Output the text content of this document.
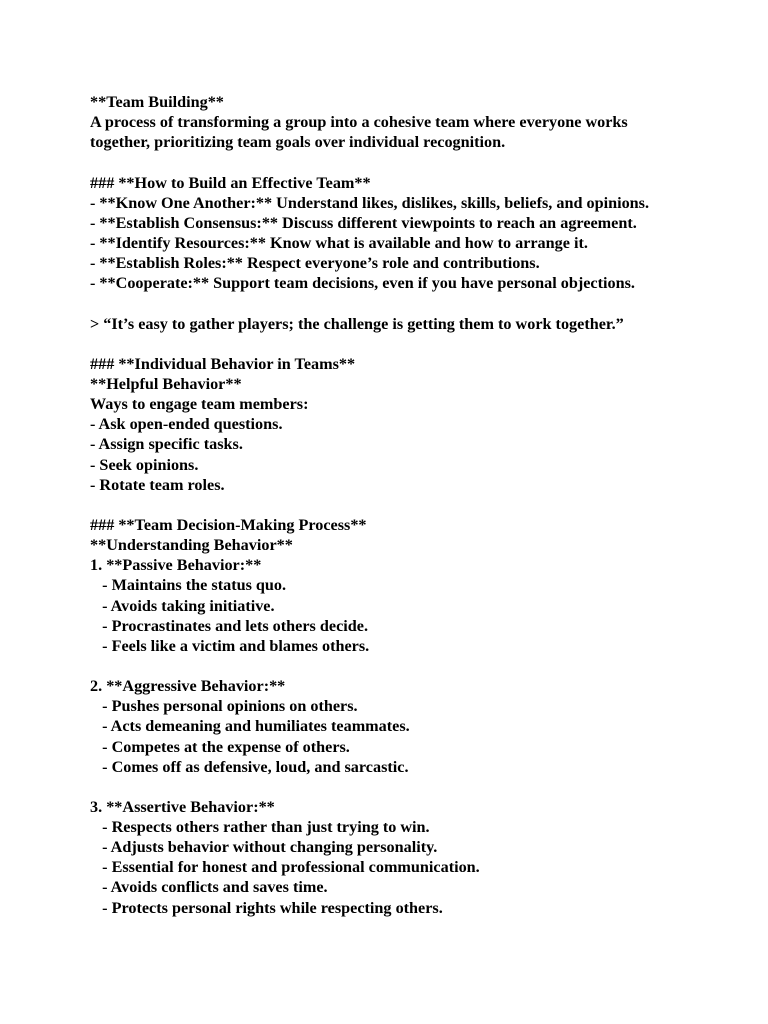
**Team Building**
A process of transforming a group into a cohesive team where everyone works
together, prioritizing team goals over individual recognition.
### **How to Build an Effective Team**
- **Know One Another:** Understand likes, dislikes, skills, beliefs, and opinions.
- **Establish Consensus:** Discuss different viewpoints to reach an agreement.
- **Identify Resources:** Know what is available and how to arrange it.
- **Establish Roles:** Respect everyone’s role and contributions.
- **Cooperate:** Support team decisions, even if you have personal objections.
> “It’s easy to gather players; the challenge is getting them to work together.”
### **Individual Behavior in Teams**
**Helpful Behavior**
Ways to engage team members:
- Ask open-ended questions.
- Assign specific tasks.
- Seek opinions.
- Rotate team roles.
### **Team Decision-Making Process**
**Understanding Behavior**
1. **Passive Behavior:**
- Maintains the status quo.
- Avoids taking initiative.
- Procrastinates and lets others decide.
- Feels like a victim and blames others.
2. **Aggressive Behavior:**
- Pushes personal opinions on others.
- Acts demeaning and humiliates teammates.
- Competes at the expense of others.
- Comes off as defensive, loud, and sarcastic.
3. **Assertive Behavior:**
- Respects others rather than just trying to win.
- Adjusts behavior without changing personality.
- Essential for honest and professional communication.
- Avoids conflicts and saves time.
- Protects personal rights while respecting others.
